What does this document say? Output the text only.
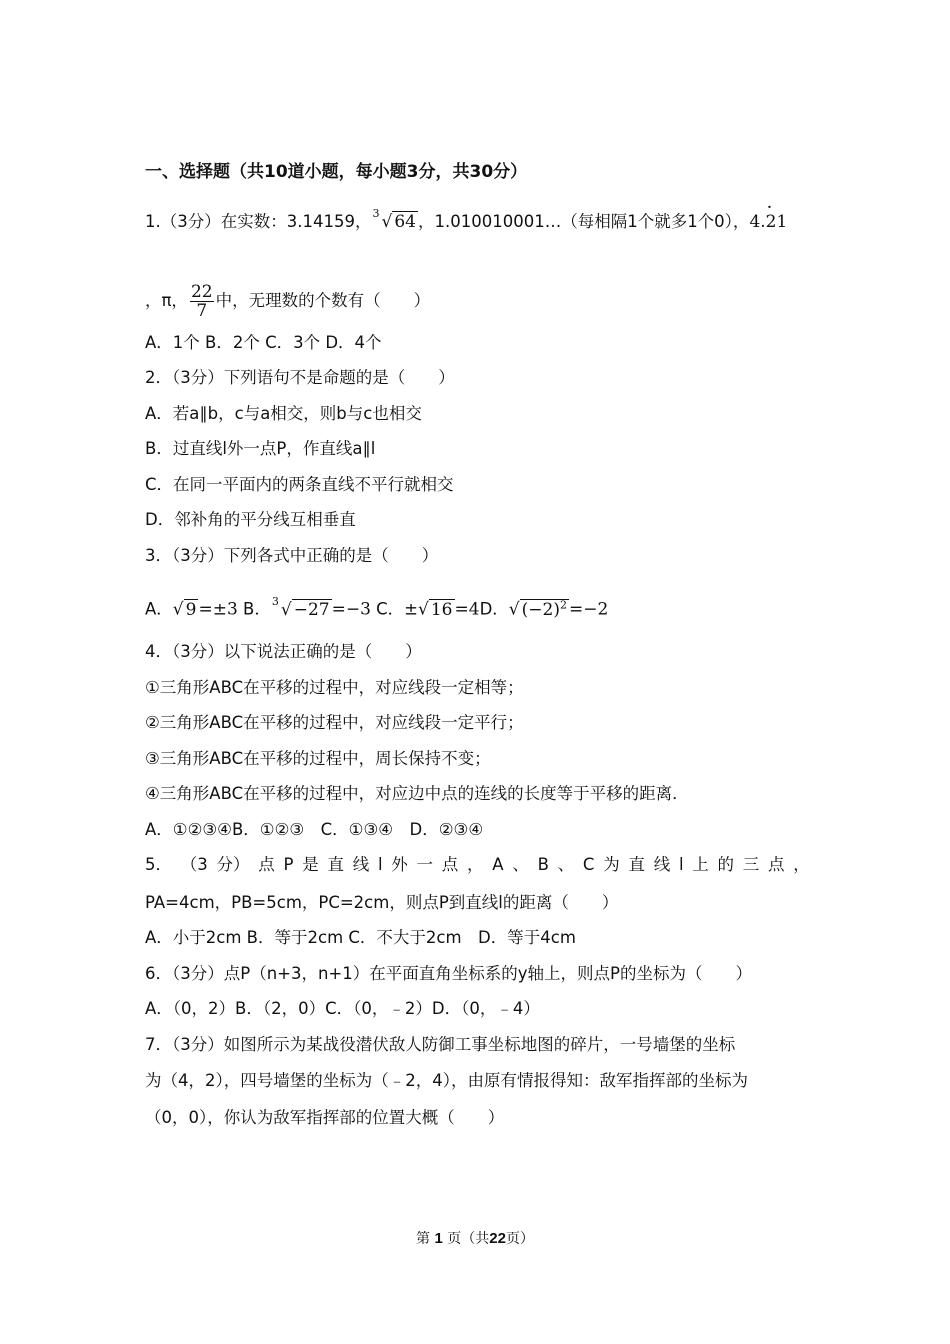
一、选择题（共10道小题，每小题3分，共30分）
1.（3分）在实数：3.14159， 3 √ 64 ，1.010010001…（每相隔1个就多1个0），4.· 21
，π， $\frac{22}{7}$ 中，无理数的个数有（　　）
A．1个 B．2个 C．3个 D．4个
2．（3分）下列语句不是命题的是（　　）
A．若a∥b，c与a相交，则b与c也相交
B．过直线l外一点P，作直线a∥l
C．在同一平面内的两条直线不平行就相交
D．邻补角的平分线互相垂直
3．（3分）下列各式中正确的是（　　）
A．√ 9 =±3 B． 3 √ −27 =−3 C．±√ 16 =4D．√ $(-2)^2 =-2$
4．（3分）以下说法正确的是（　　）
①三角形ABC在平移的过程中，对应线段一定相等；
②三角形ABC在平移的过程中，对应线段一定平行；
③三角形ABC在平移的过程中，周长保持不变；
④三角形ABC在平移的过程中，对应边中点的连线的长度等于平移的距离．
A．①②③④B．①②③　C．①③④　D．②③④
5． （3 分） 点 P 是 直 线 l 外 一 点 ， A 、 B 、 C 为 直 线 l 上 的 三 点 ，
PA=4cm，PB=5cm，PC=2cm，则点P到直线l的距离（　　）
A．小于2cm B．等于2cm C．不大于2cm　D．等于4cm
6．（3分）点P（n+3，n+1）在平面直角坐标系的y轴上，则点P的坐标为（　　）
A．（0，2）B．（2，0）C．（0，﹣2）D．（0，﹣4）
7．（3分）如图所示为某战役潜伏敌人防御工事坐标地图的碎片，一号墙堡的坐标
为（4，2），四号墙堡的坐标为（﹣2，4），由原有情报得知：敌军指挥部的坐标为
（0，0），你认为敌军指挥部的位置大概（　　）
第 1 页（共22页）
